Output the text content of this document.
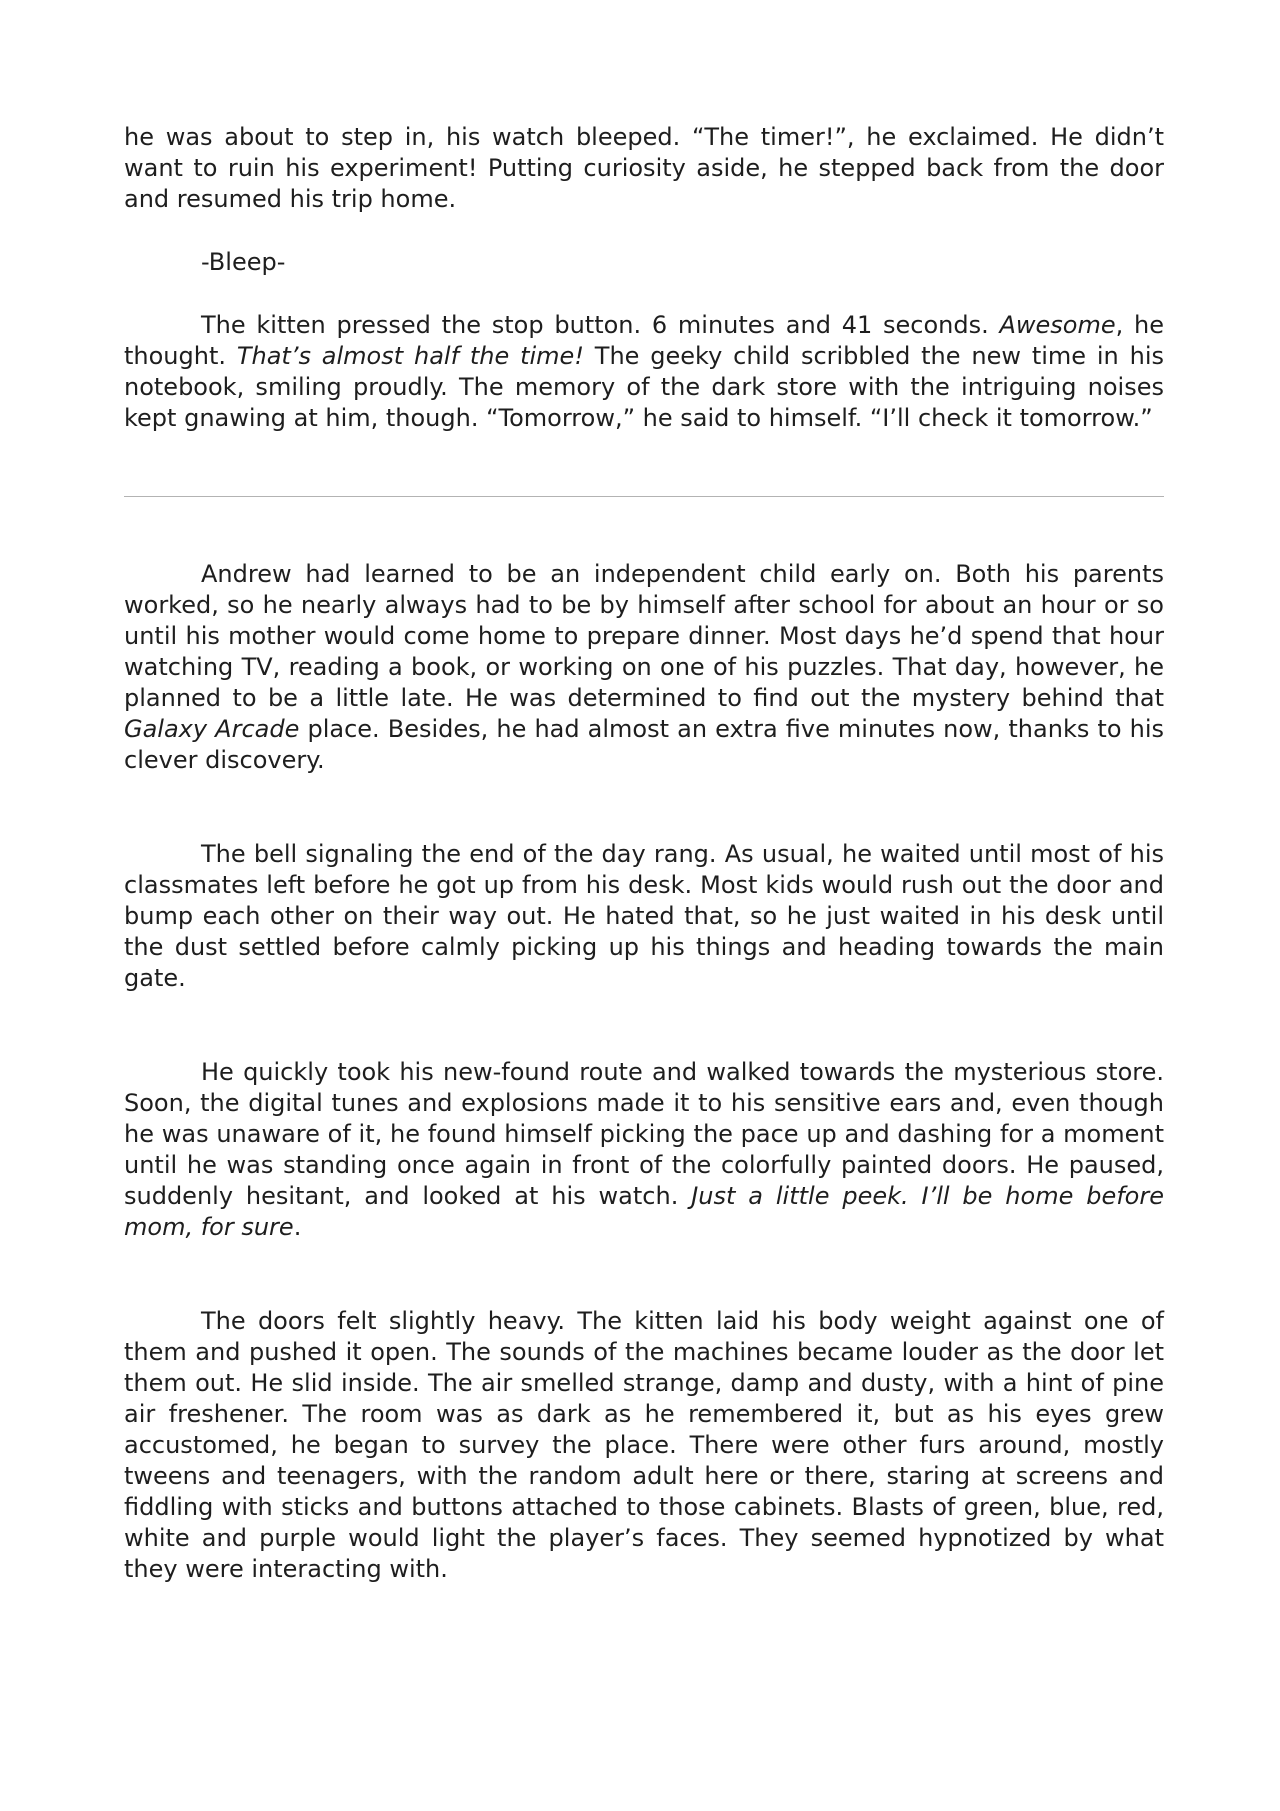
he was about to step in, his watch bleeped. “The timer!”, he exclaimed. He didn’t want to ruin his experiment! Putting curiosity aside, he stepped back from the door and resumed his trip home.

-Bleep-

The kitten pressed the stop button. 6 minutes and 41 seconds. Awesome, he thought. That’s almost half the time! The geeky child scribbled the new time in his notebook, smiling proudly. The memory of the dark store with the intriguing noises kept gnawing at him, though. “Tomorrow,” he said to himself. “I’ll check it tomorrow.”

Andrew had learned to be an independent child early on. Both his parents worked, so he nearly always had to be by himself after school for about an hour or so until his mother would come home to prepare dinner. Most days he’d spend that hour watching TV, reading a book, or working on one of his puzzles. That day, however, he planned to be a little late. He was determined to find out the mystery behind that Galaxy Arcade place. Besides, he had almost an extra five minutes now, thanks to his clever discovery.

The bell signaling the end of the day rang. As usual, he waited until most of his classmates left before he got up from his desk. Most kids would rush out the door and bump each other on their way out. He hated that, so he just waited in his desk until the dust settled before calmly picking up his things and heading towards the main gate.

He quickly took his new-found route and walked towards the mysterious store. Soon, the digital tunes and explosions made it to his sensitive ears and, even though he was unaware of it, he found himself picking the pace up and dashing for a moment until he was standing once again in front of the colorfully painted doors. He paused, suddenly hesitant, and looked at his watch. Just a little peek. I’ll be home before mom, for sure.

The doors felt slightly heavy. The kitten laid his body weight against one of them and pushed it open. The sounds of the machines became louder as the door let them out. He slid inside. The air smelled strange, damp and dusty, with a hint of pine air freshener. The room was as dark as he remembered it, but as his eyes grew accustomed, he began to survey the place. There were other furs around, mostly tweens and teenagers, with the random adult here or there, staring at screens and fiddling with sticks and buttons attached to those cabinets. Blasts of green, blue, red, white and purple would light the player’s faces. They seemed hypnotized by what they were interacting with.
